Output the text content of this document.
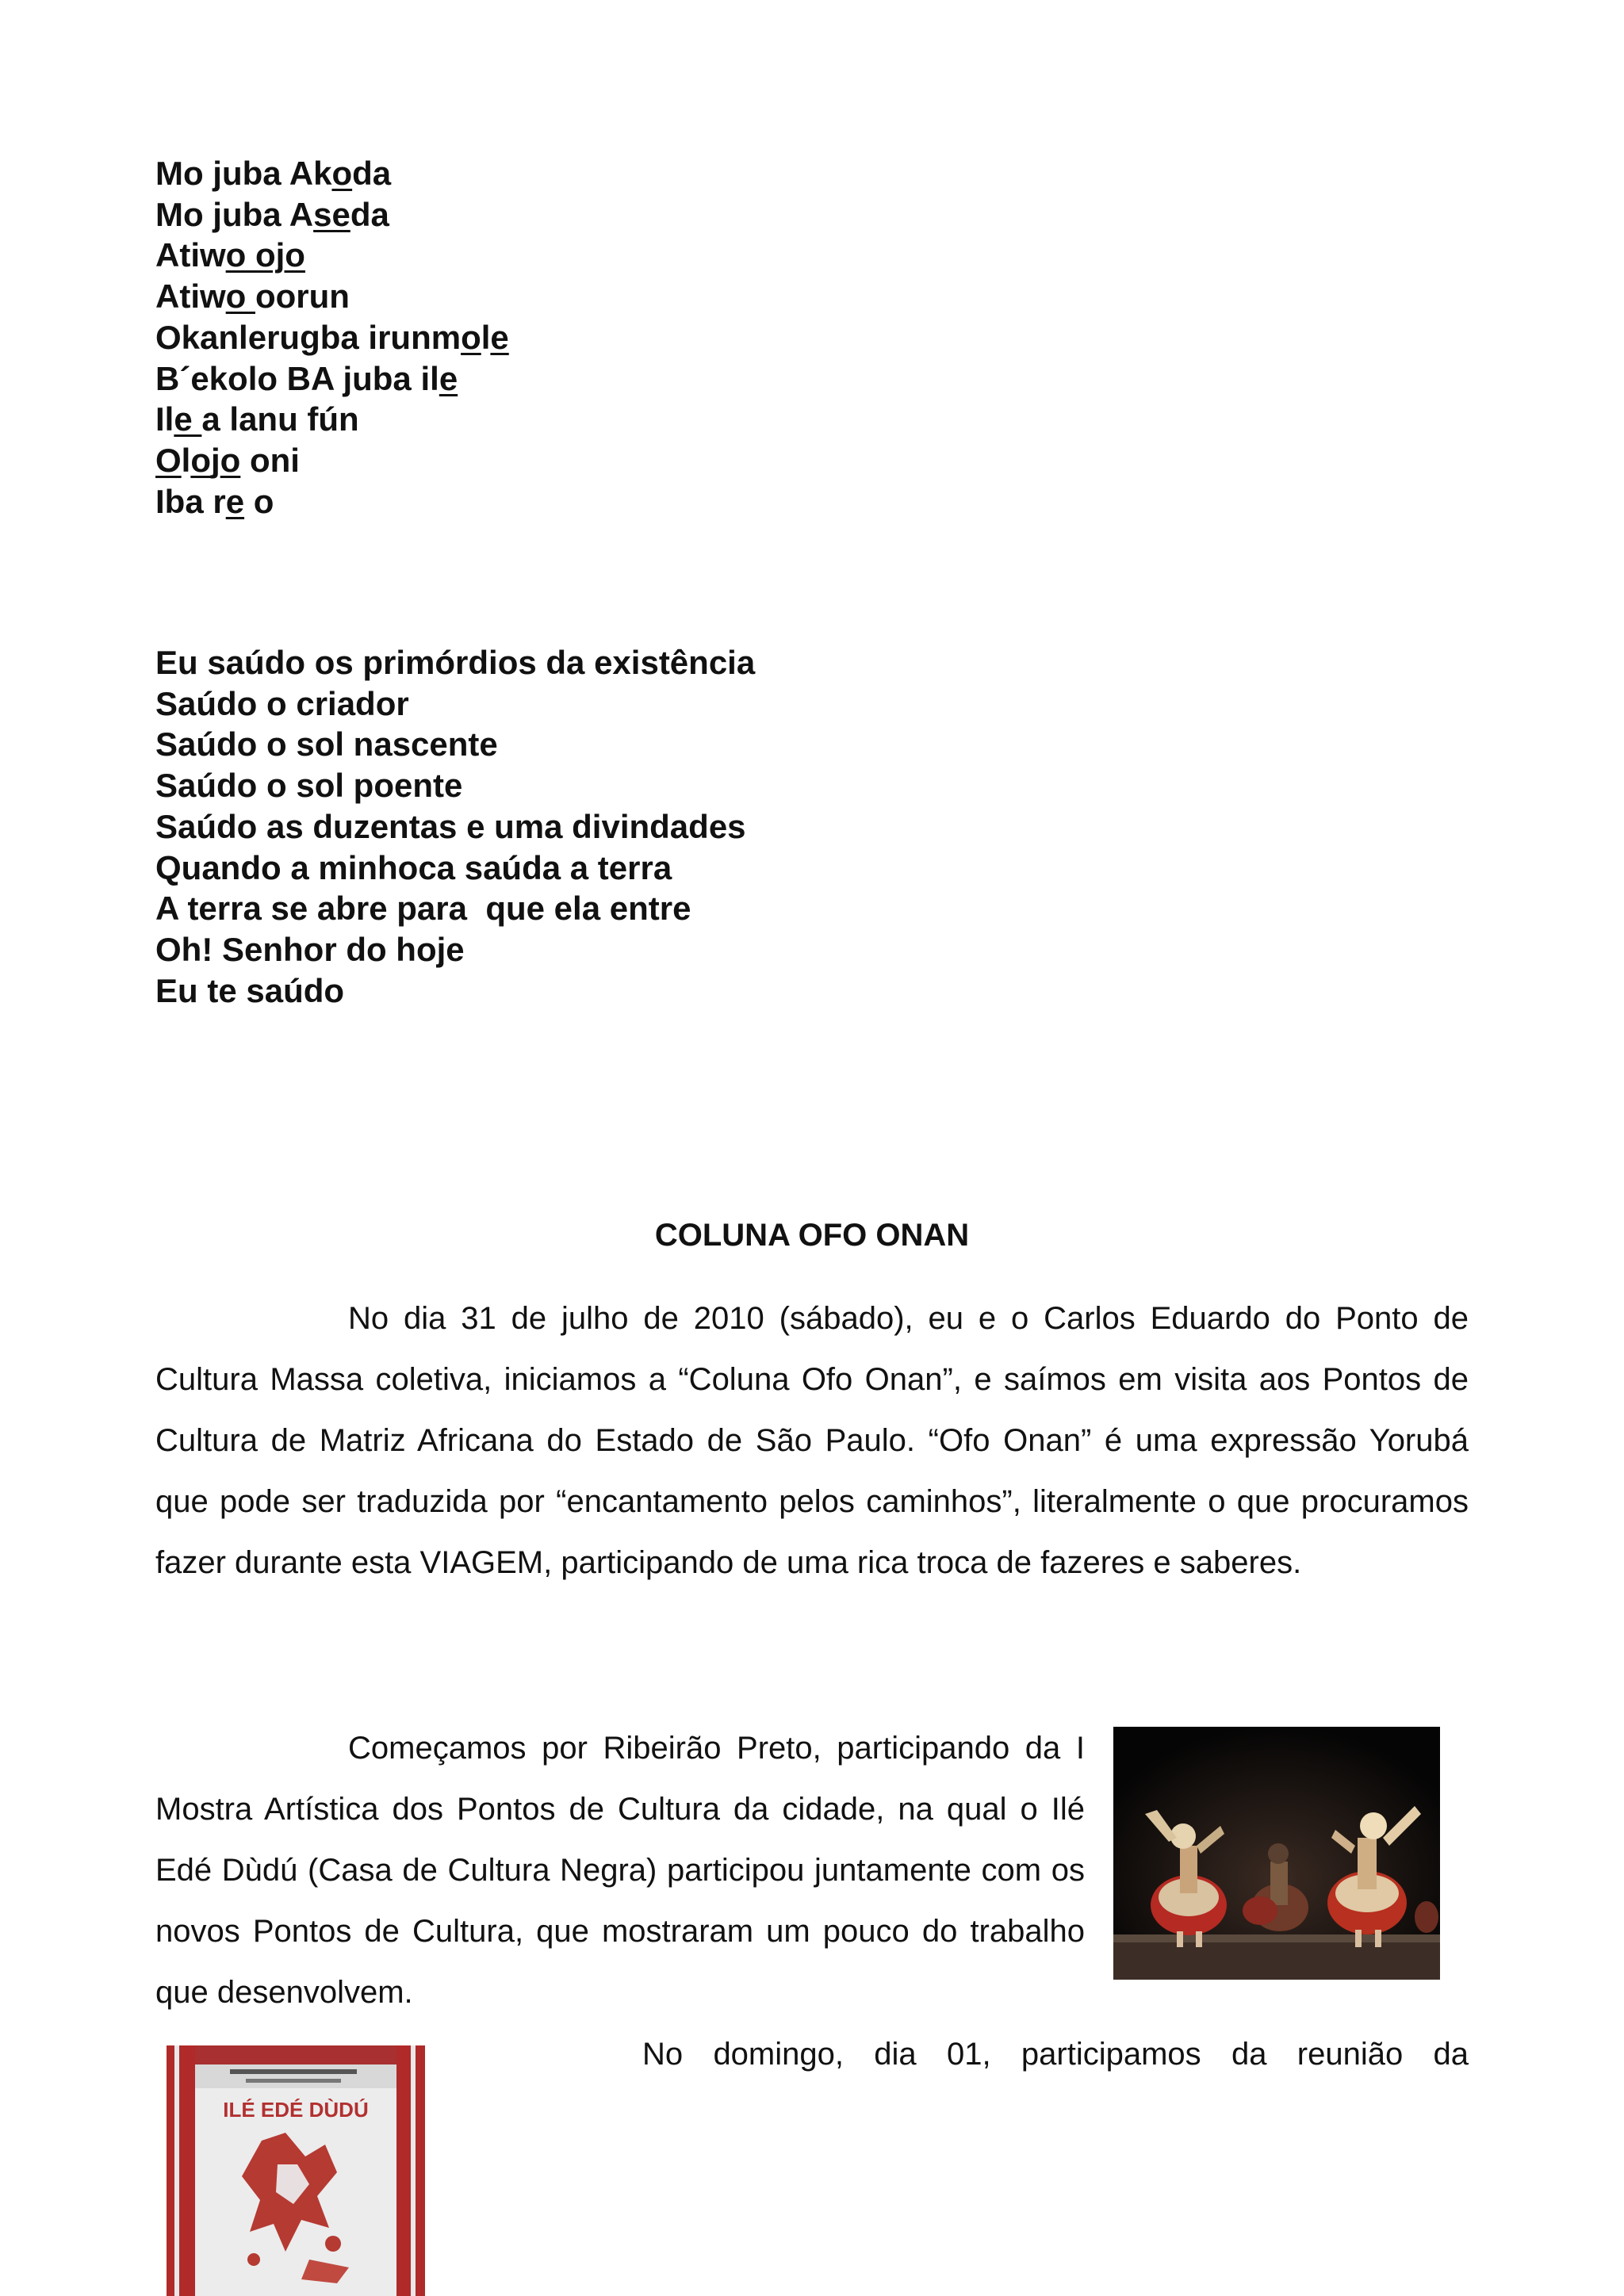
Mo juba Akoda
Mo juba Aseda
Atiwo ojo
Atiwo oorun
Okanlerugba irunmole
B´ekolo BA juba ile
Ile a lanu fún
Olojo oni
Iba re o
Eu saúdo os primórdios da existência
Saúdo o criador
Saúdo o sol nascente
Saúdo o sol poente
Saúdo as duzentas e uma divindades
Quando a minhoca saúda a terra
A terra se abre para  que ela entre
Oh! Senhor do hoje
Eu te saúdo
COLUNA OFO ONAN

No dia 31 de julho de 2010 (sábado), eu e o Carlos Eduardo do Ponto de Cultura Massa coletiva, iniciamos a “Coluna Ofo Onan”, e saímos em visita aos Pontos de Cultura de Matriz Africana do Estado de São Paulo. “Ofo Onan” é uma expressão Yorubá que pode ser traduzida por “encantamento pelos caminhos”, literalmente o que procuramos fazer durante esta VIAGEM, participando de uma rica troca de fazeres e saberes.

Começamos por Ribeirão Preto, participando da I Mostra Artística dos Pontos de Cultura da cidade, na qual o Ilé Edé Dùdú (Casa de Cultura Negra) participou juntamente com os novos Pontos de Cultura, que mostraram um pouco do trabalho que desenvolvem.

No domingo, dia 01, participamos da reunião da

ILÉ EDÉ DÙDÚ
